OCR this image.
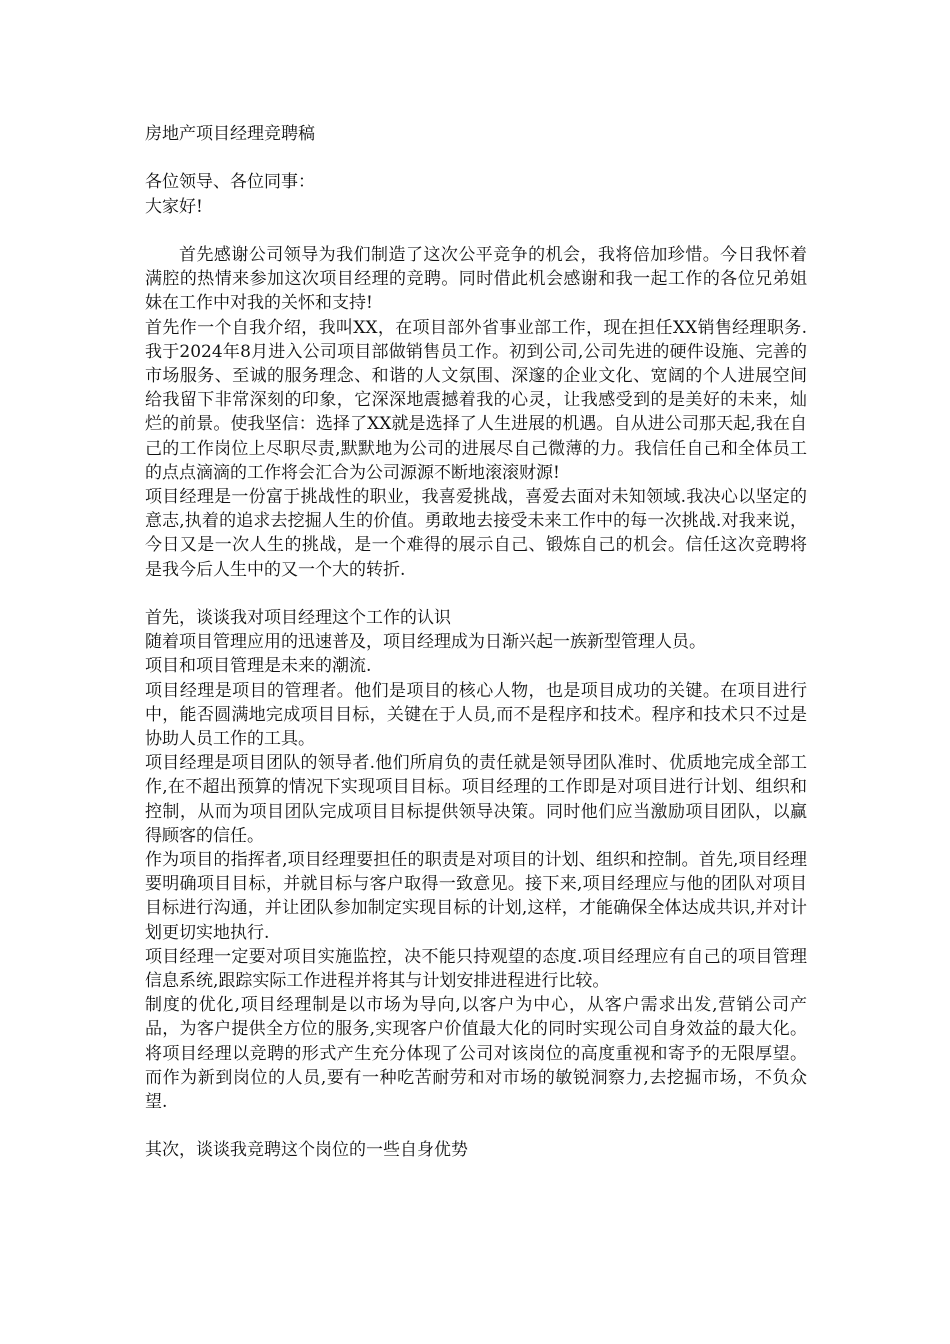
房地产项目经理竞聘稿
各位领导、各位同事：
大家好!

首先感谢公司领导为我们制造了这次公平竞争的机会，我将倍加珍惜。今日我怀着满腔的热情来参加这次项目经理的竞聘。同时借此机会感谢和我一起工作的各位兄弟姐妹在工作中对我的关怀和支持!

首先作一个自我介绍，我叫XX，在项目部外省事业部工作，现在担任XX销售经理职务.我于2024年8月进入公司项目部做销售员工作。初到公司,公司先进的硬件设施、完善的市场服务、至诚的服务理念、和谐的人文氛围、深邃的企业文化、宽阔的个人进展空间给我留下非常深刻的印象，它深深地震撼着我的心灵，让我感受到的是美好的未来，灿烂的前景。使我坚信：选择了XX就是选择了人生进展的机遇。自从进公司那天起,我在自己的工作岗位上尽职尽责,默默地为公司的进展尽自己微薄的力。我信任自己和全体员工的点点滴滴的工作将会汇合为公司源源不断地滚滚财源!

项目经理是一份富于挑战性的职业，我喜爱挑战，喜爱去面对未知领域.我决心以坚定的意志,执着的追求去挖掘人生的价值。勇敢地去接受未来工作中的每一次挑战.对我来说，今日又是一次人生的挑战，是一个难得的展示自己、锻炼自己的机会。信任这次竞聘将是我今后人生中的又一个大的转折.

首先，谈谈我对项目经理这个工作的认识

随着项目管理应用的迅速普及，项目经理成为日渐兴起一族新型管理人员。

项目和项目管理是未来的潮流.

项目经理是项目的管理者。他们是项目的核心人物，也是项目成功的关键。在项目进行中，能否圆满地完成项目目标，关键在于人员,而不是程序和技术。程序和技术只不过是协助人员工作的工具。

项目经理是项目团队的领导者.他们所肩负的责任就是领导团队准时、优质地完成全部工作,在不超出预算的情况下实现项目目标。项目经理的工作即是对项目进行计划、组织和控制，从而为项目团队完成项目目标提供领导决策。同时他们应当激励项目团队，以赢得顾客的信任。

作为项目的指挥者,项目经理要担任的职责是对项目的计划、组织和控制。首先,项目经理要明确项目目标，并就目标与客户取得一致意见。接下来,项目经理应与他的团队对项目目标进行沟通，并让团队参加制定实现目标的计划,这样，才能确保全体达成共识,并对计划更切实地执行.

项目经理一定要对项目实施监控，决不能只持观望的态度.项目经理应有自己的项目管理信息系统,跟踪实际工作进程并将其与计划安排进程进行比较。

制度的优化,项目经理制是以市场为导向,以客户为中心，从客户需求出发,营销公司产品，为客户提供全方位的服务,实现客户价值最大化的同时实现公司自身效益的最大化。将项目经理以竞聘的形式产生充分体现了公司对该岗位的高度重视和寄予的无限厚望。而作为新到岗位的人员,要有一种吃苦耐劳和对市场的敏锐洞察力,去挖掘市场，不负众望.

其次，谈谈我竞聘这个岗位的一些自身优势
